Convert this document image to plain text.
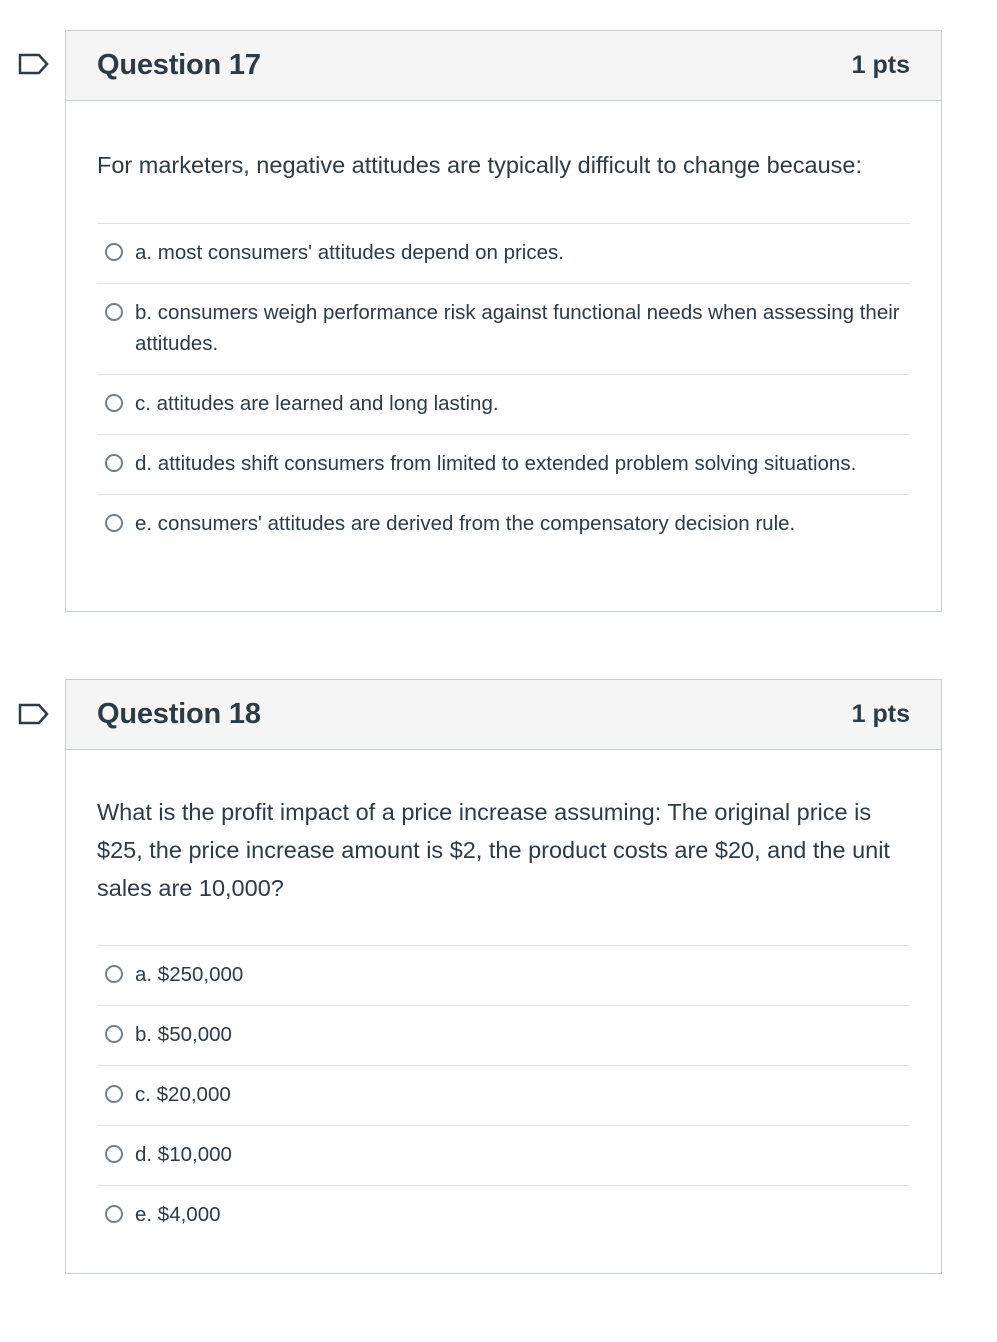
Question 17	1 pts
For marketers, negative attitudes are typically difficult to change because:
a. most consumers' attitudes depend on prices.
b. consumers weigh performance risk against functional needs when assessing their attitudes.
c. attitudes are learned and long lasting.
d. attitudes shift consumers from limited to extended problem solving situations.
e. consumers' attitudes are derived from the compensatory decision rule.
Question 18	1 pts
What is the profit impact of a price increase assuming: The original price is $25, the price increase amount is $2, the product costs are $20, and the unit sales are 10,000?
a. $250,000
b. $50,000
c. $20,000
d. $10,000
e. $4,000
